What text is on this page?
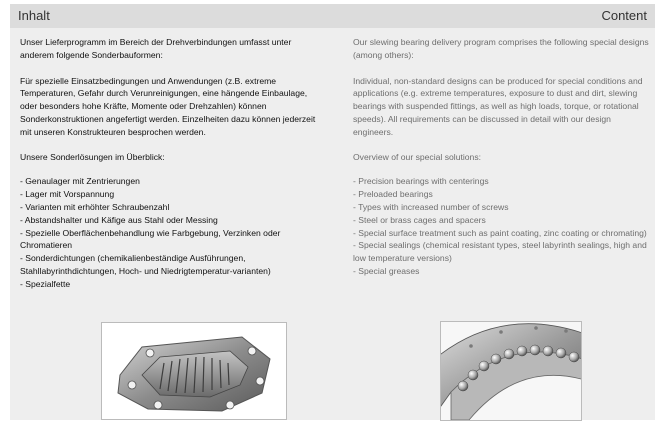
Inhalt	Content

Unser Lieferprogramm im Bereich der Drehverbindungen umfasst unter anderem folgende Sonderbauformen:

Für spezielle Einsatzbedingungen und Anwendungen (z.B. extreme Temperaturen, Gefahr durch Verunreinigungen, eine hängende Einbaulage, oder besonders hohe Kräfte, Momente oder Drehzahlen) können Sonderkonstruktionen angefertigt werden. Einzelheiten dazu können jederzeit mit unseren Konstrukteuren besprochen werden.

Unsere Sonderlösungen im Überblick:

- Genaulager mit Zentrierungen
- Lager mit Vorspannung
- Varianten mit erhöhter Schraubenzahl
- Abstandshalter und Käfige aus Stahl oder Messing
- Spezielle Oberflächenbehandlung wie Farbgebung, Verzinken oder Chromatieren
- Sonderdichtungen (chemikalienbeständige Ausführungen, Stahllabyrinthdichtungen, Hoch- und Niedrigtemperatur-varianten)
- Spezialfette

Our slewing bearing delivery program comprises the following special designs (among others):

Individual, non-standard designs can be produced for special conditions and applications (e.g. extreme temperatures, exposure to dust and dirt, slewing bearings with suspended fittings, as well as high loads, torque, or rotational speeds). All requirements can be discussed in detail with our design engineers.

Overview of our special solutions:

- Precision bearings with centerings
- Preloaded bearings
- Types with increased number of screws
- Steel or brass cages and spacers
- Special surface treatment such as paint coating, zinc coating or chromating)
- Special sealings (chemical resistant types, steel labyrinth sealings, high and low temperature versions)
- Special greases
